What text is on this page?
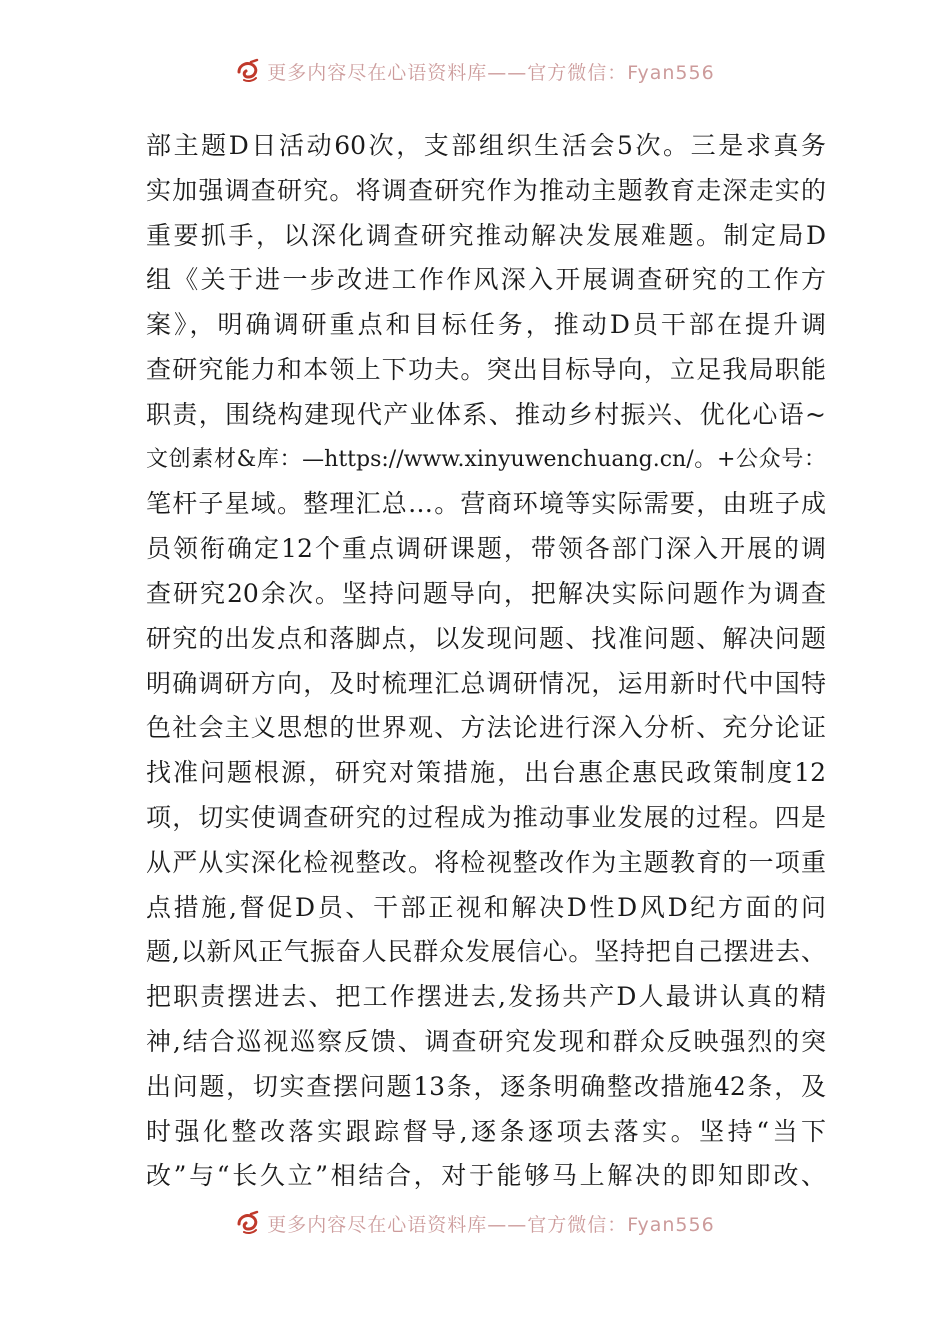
更多内容尽在心语资料库——官方微信：Fyan556
部主题D日活动60次，支部组织生活会5次。三是求真务
实加强调查研究。将调查研究作为推动主题教育走深走实的
重要抓手，以深化调查研究推动解决发展难题。制定局D
组《关于进一步改进工作作风深入开展调查研究的工作方
案》，明确调研重点和目标任务，推动D员干部在提升调
查研究能力和本领上下功夫。突出目标导向，立足我局职能
职责，围绕构建现代产业体系、推动乡村振兴、优化心语~
文创素材&库：—https://www.xinyuwenchuang.cn/。+公众号：
笔杆子星域。整理汇总…。营商环境等实际需要，由班子成
员领衔确定12个重点调研课题，带领各部门深入开展的调
查研究20余次。坚持问题导向，把解决实际问题作为调查
研究的出发点和落脚点，以发现问题、找准问题、解决问题
明确调研方向，及时梳理汇总调研情况，运用新时代中国特
色社会主义思想的世界观、方法论进行深入分析、充分论证
找准问题根源，研究对策措施，出台惠企惠民政策制度12
项，切实使调查研究的过程成为推动事业发展的过程。四是
从严从实深化检视整改。将检视整改作为主题教育的一项重
点措施,督促D员、干部正视和解决D性D风D纪方面的问
题,以新风正气振奋人民群众发展信心。坚持把自己摆进去、
把职责摆进去、把工作摆进去,发扬共产D人最讲认真的精
神,结合巡视巡察反馈、调查研究发现和群众反映强烈的突
出问题，切实查摆问题13条，逐条明确整改措施42条，及
时强化整改落实跟踪督导,逐条逐项去落实。坚持“当下
改”与“长久立”相结合，对于能够马上解决的即知即改、
更多内容尽在心语资料库——官方微信：Fyan556
